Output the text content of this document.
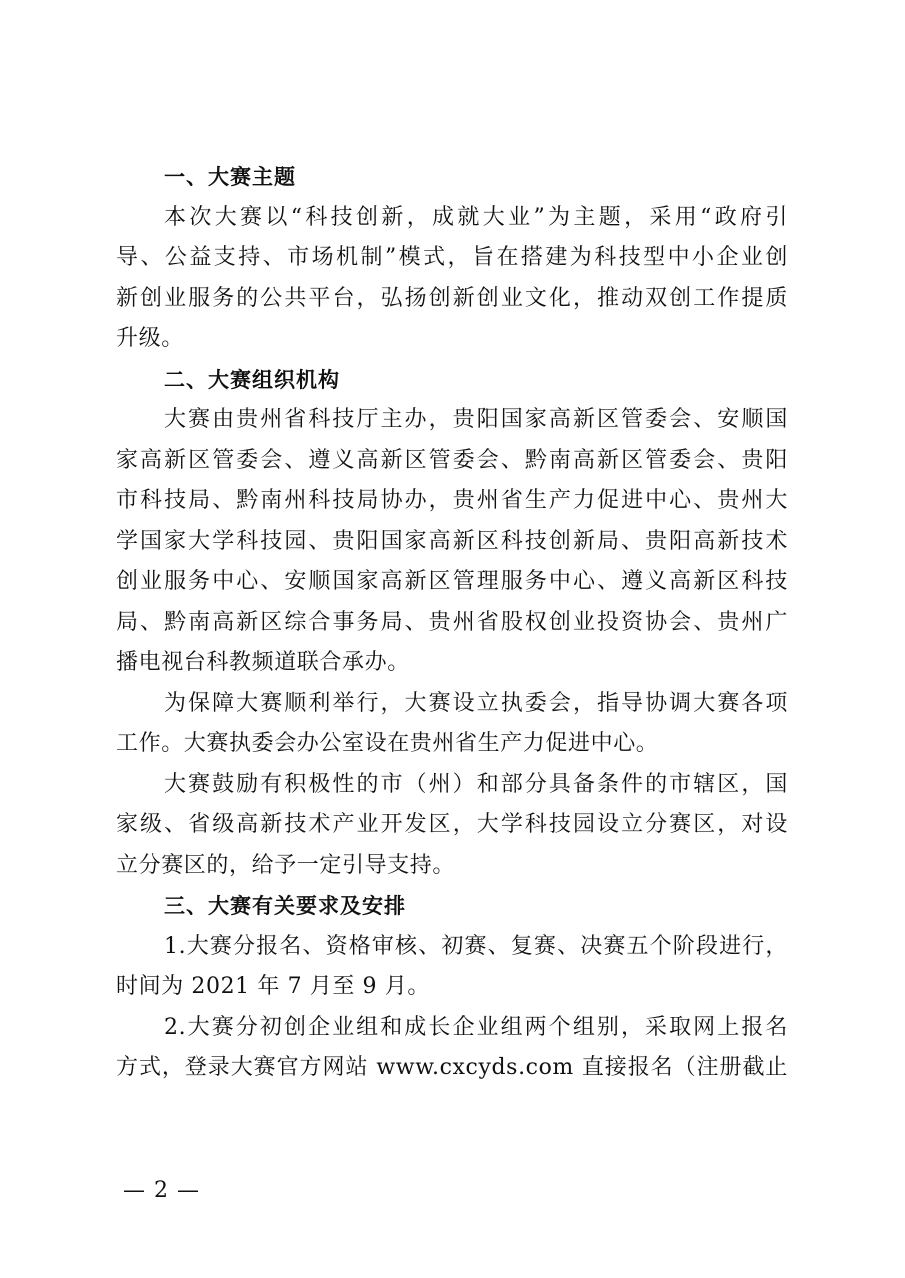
一、大赛主题
本次大赛以“科技创新，成就大业”为主题，采用“政府引
导、公益支持、市场机制”模式，旨在搭建为科技型中小企业创
新创业服务的公共平台，弘扬创新创业文化，推动双创工作提质
升级。
二、大赛组织机构
大赛由贵州省科技厅主办，贵阳国家高新区管委会、安顺国
家高新区管委会、遵义高新区管委会、黔南高新区管委会、贵阳
市科技局、黔南州科技局协办，贵州省生产力促进中心、贵州大
学国家大学科技园、贵阳国家高新区科技创新局、贵阳高新技术
创业服务中心、安顺国家高新区管理服务中心、遵义高新区科技
局、黔南高新区综合事务局、贵州省股权创业投资协会、贵州广
播电视台科教频道联合承办。
为保障大赛顺利举行，大赛设立执委会，指导协调大赛各项
工作。大赛执委会办公室设在贵州省生产力促进中心。
大赛鼓励有积极性的市（州）和部分具备条件的市辖区，国
家级、省级高新技术产业开发区，大学科技园设立分赛区，对设
立分赛区的，给予一定引导支持。
三、大赛有关要求及安排
1.大赛分报名、资格审核、初赛、复赛、决赛五个阶段进行，
时间为 2021 年 7 月至 9 月。
2.大赛分初创企业组和成长企业组两个组别，采取网上报名
方式，登录大赛官方网站 www.cxcyds.com 直接报名（注册截止
— 2 —
